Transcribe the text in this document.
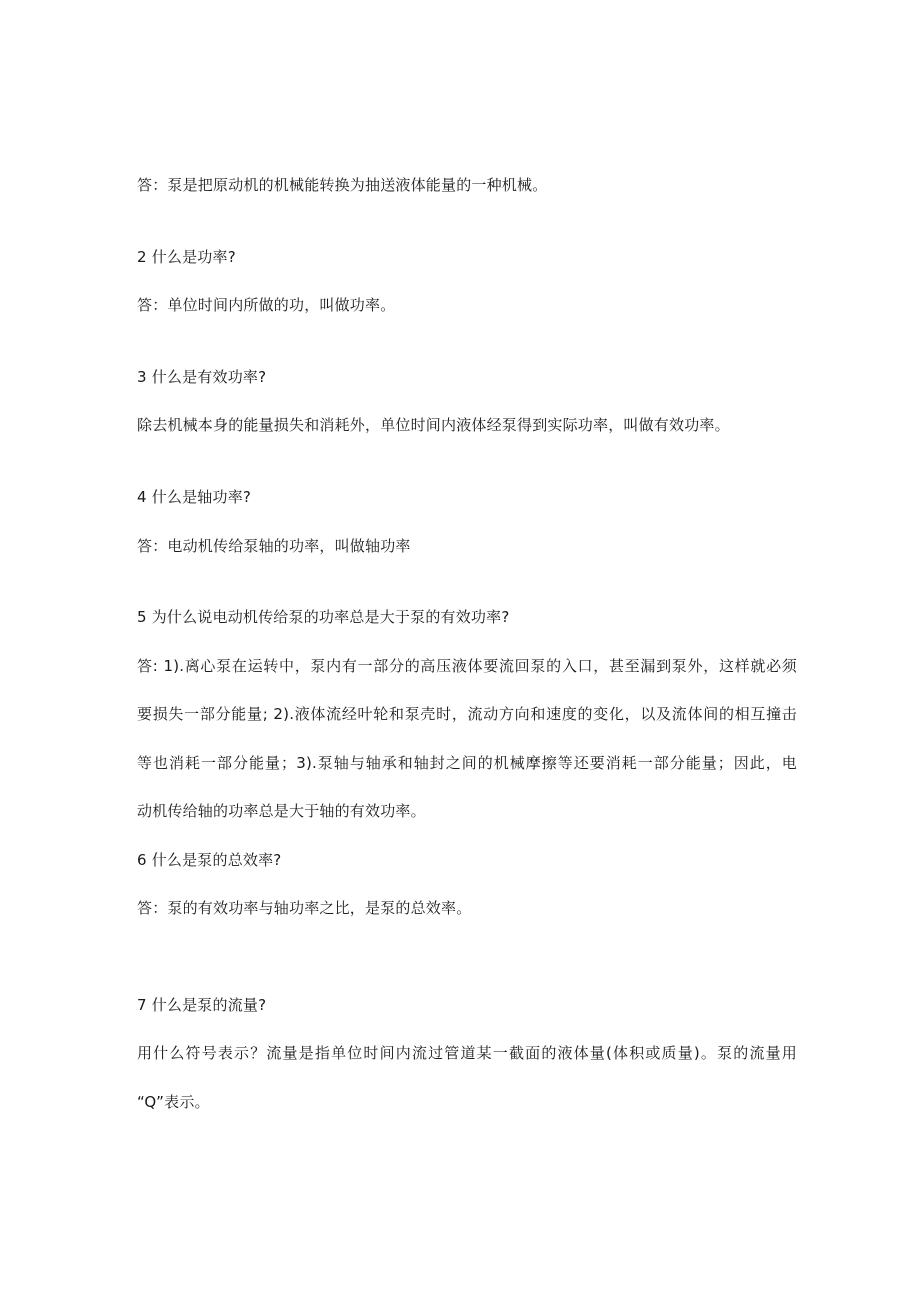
答：泵是把原动机的机械能转换为抽送液体能量的一种机械。
2 什么是功率?
答：单位时间内所做的功，叫做功率。
3 什么是有效功率?
除去机械本身的能量损失和消耗外，单位时间内液体经泵得到实际功率，叫做有效功率。
4 什么是轴功率?
答：电动机传给泵轴的功率，叫做轴功率
5 为什么说电动机传给泵的功率总是大于泵的有效功率?
答: 1).离心泵在运转中，泵内有一部分的高压液体要流回泵的入口，甚至漏到泵外，这样就必须
要损失一部分能量; 2).液体流经叶轮和泵壳时，流动方向和速度的变化，以及流体间的相互撞击
等也消耗一部分能量；3).泵轴与轴承和轴封之间的机械摩擦等还要消耗一部分能量；因此，电
动机传给轴的功率总是大于轴的有效功率。
6 什么是泵的总效率?
答：泵的有效功率与轴功率之比，是泵的总效率。
7 什么是泵的流量?
用什么符号表示？流量是指单位时间内流过管道某一截面的液体量(体积或质量)。泵的流量用
“Q”表示。
